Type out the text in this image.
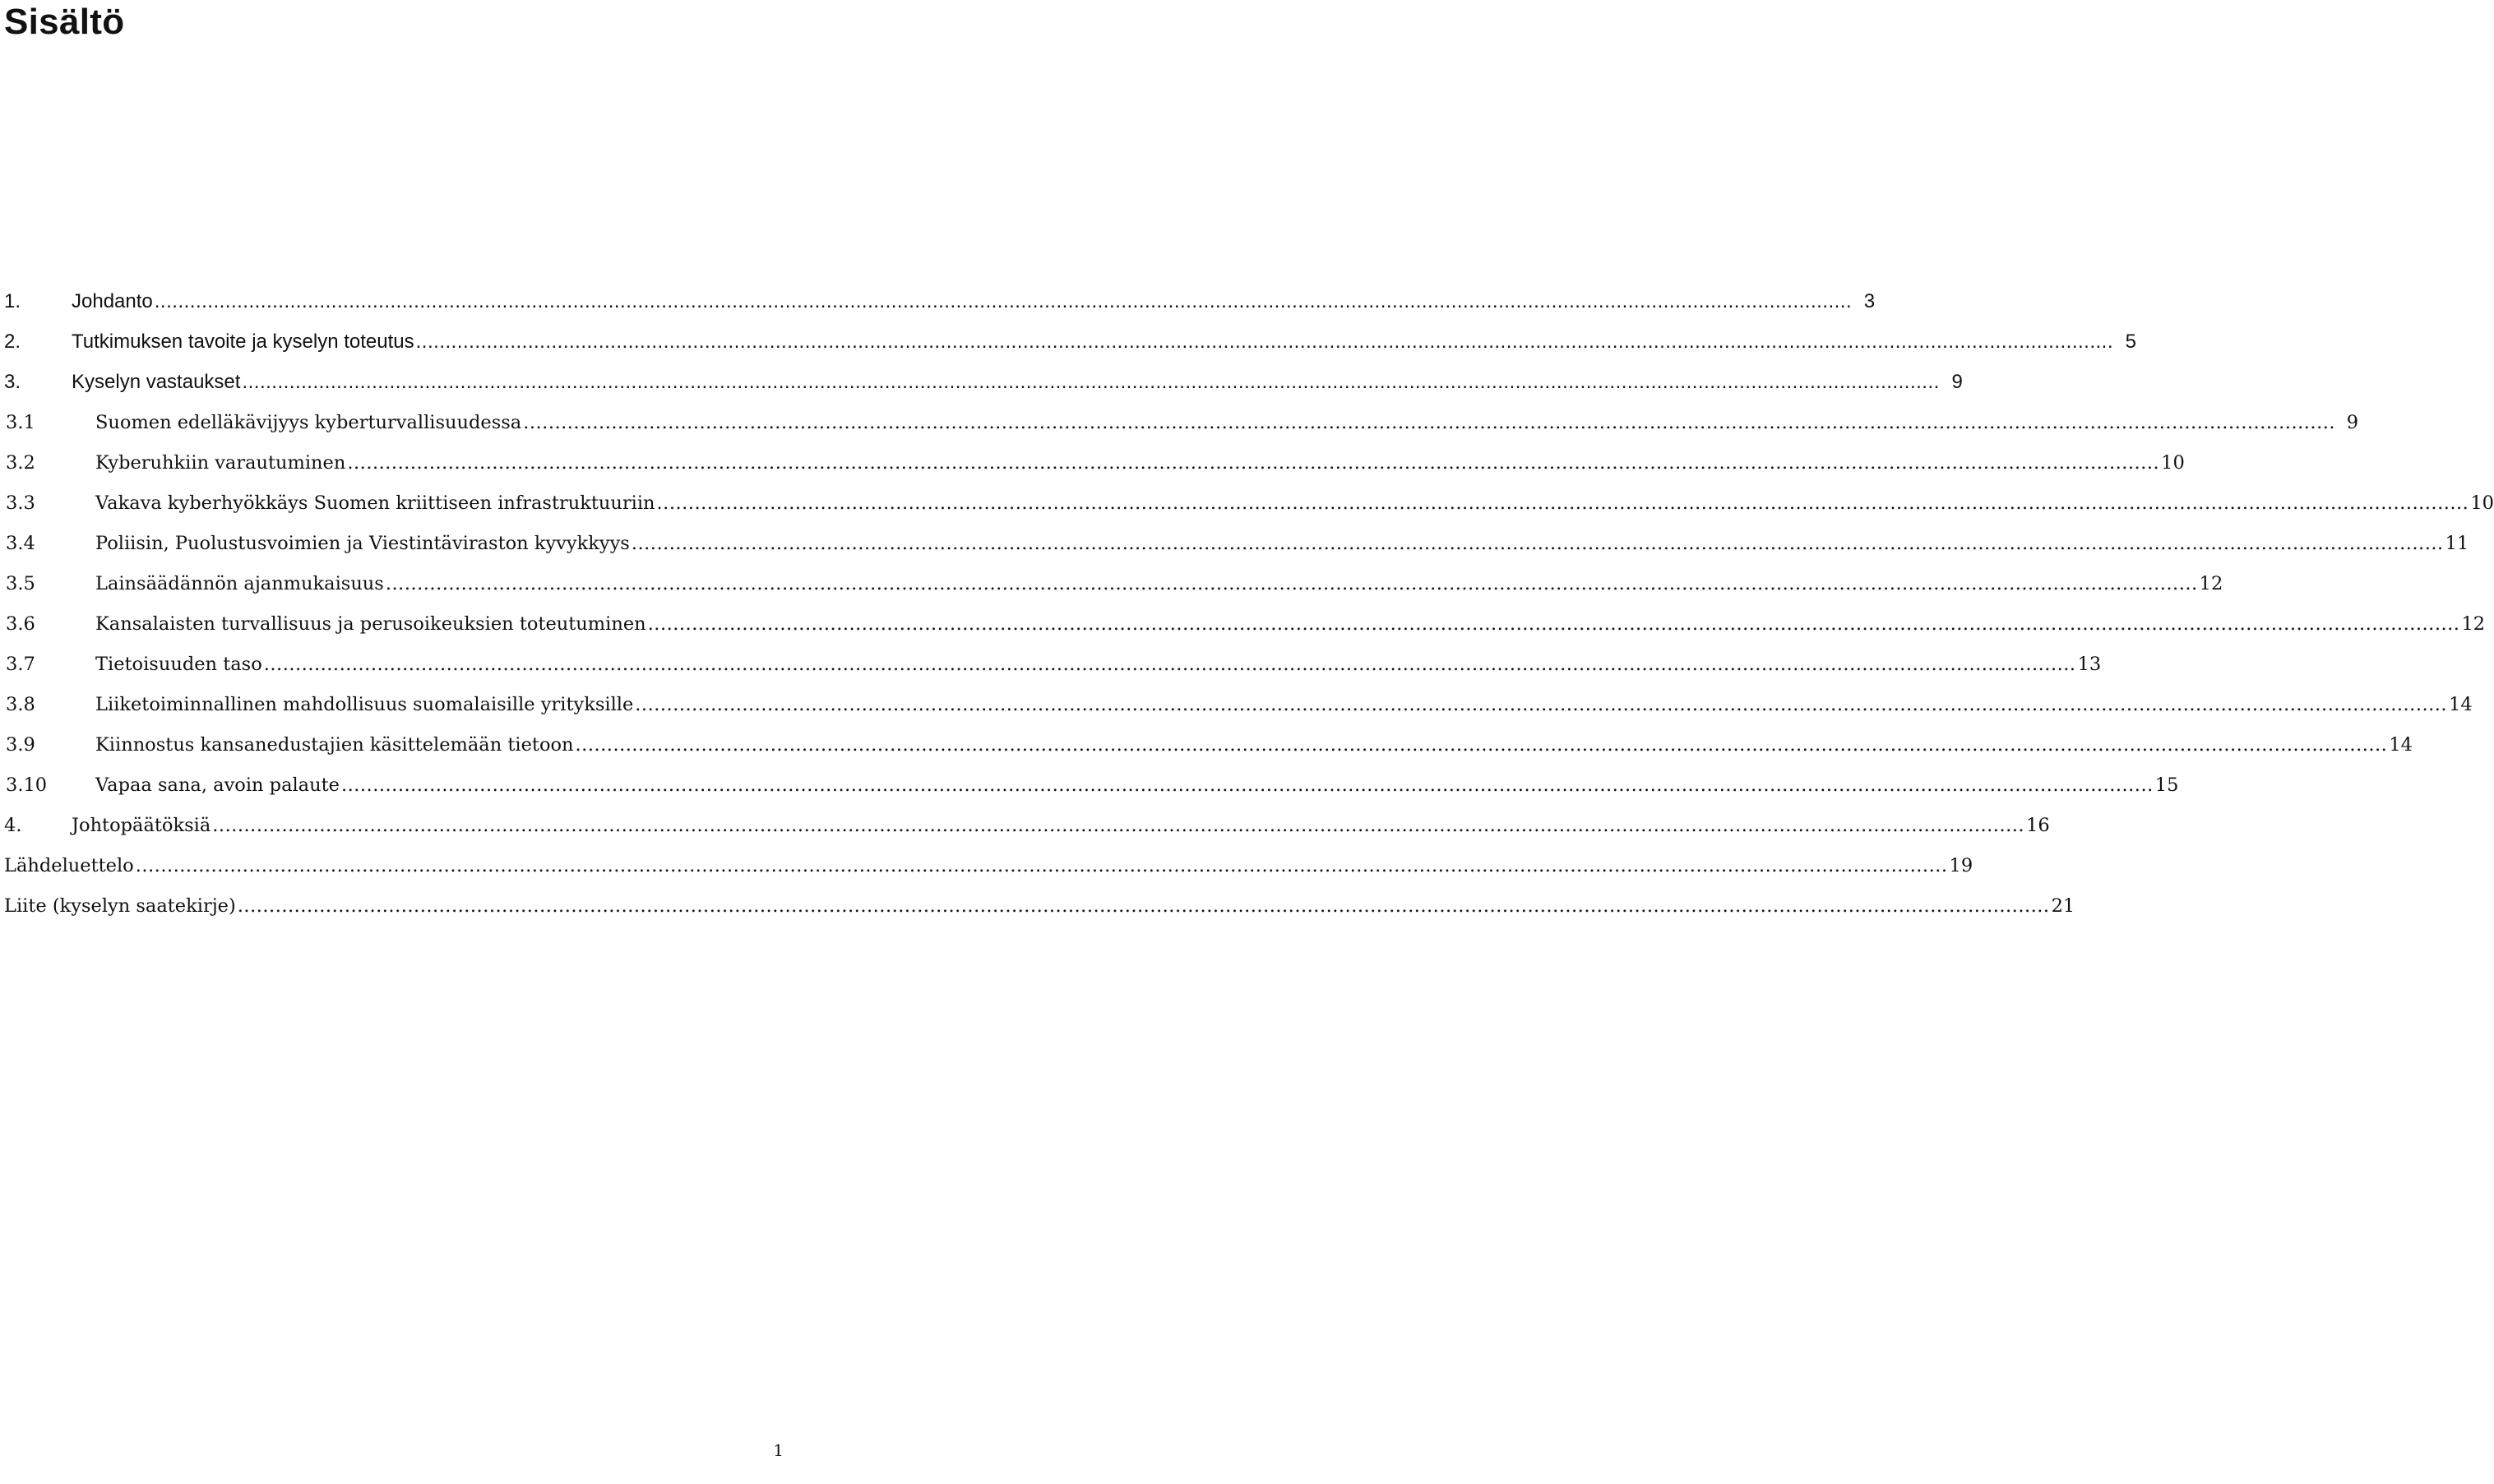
Sisältö
1.	Johdanto .....	3
2.	Tutkimuksen tavoite ja kyselyn toteutus .....	5
3.	Kyselyn vastaukset .....	9
3.1	Suomen edelläkävijyys kyberturvallisuudessa .....	9
3.2	Kyberuhkiin varautuminen .....	10
3.3	Vakava kyberhyökkäys Suomen kriittiseen infrastruktuuriin .....	10
3.4	Poliisin, Puolustusvoimien ja Viestintäviraston kyvykkyys .....	11
3.5	Lainsäädännön ajanmukaisuus .....	12
3.6	Kansalaisten turvallisuus ja perusoikeuksien toteutuminen .....	12
3.7	Tietoisuuden taso .....	13
3.8	Liiketoiminnallinen mahdollisuus suomalaisille yrityksille .....	14
3.9	Kiinnostus kansanedustajien käsittelemään tietoon .....	14
3.10	Vapaa sana, avoin palaute .....	15
4.	Johtopäätöksiä .....	16
Lähdeluettelo .....	19
Liite (kyselyn saatekirje) .....	21
1
